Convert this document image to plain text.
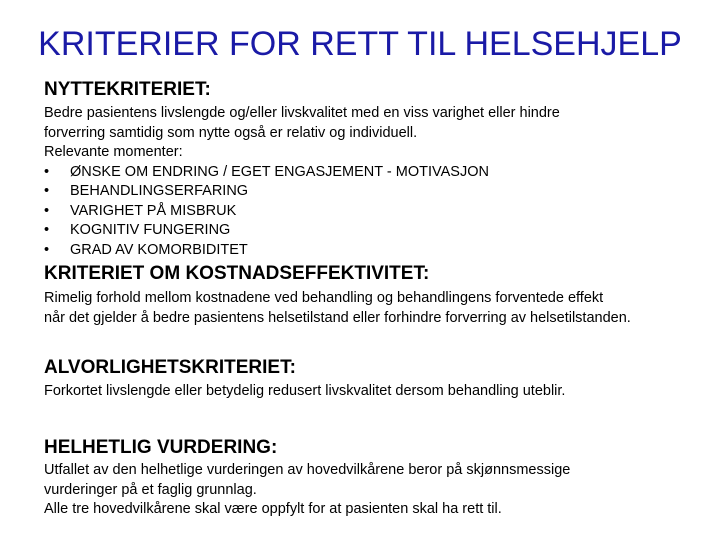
KRITERIER FOR RETT TIL HELSEHJELP
NYTTEKRITERIET:

Bedre pasientens livslengde og/eller livskvalitet med en viss varighet eller hindre
forverring samtidig som nytte også er relativ og individuell.
Relevante momenter:

• ØNSKE OM ENDRING / EGET ENGASJEMENT - MOTIVASJON
• BEHANDLINGSERFARING
• VARIGHET PÅ MISBRUK
• KOGNITIV FUNGERING
• GRAD AV KOMORBIDITET
KRITERIET OM KOSTNADSEFFEKTIVITET:

Rimelig forhold mellom kostnadene ved behandling og behandlingens forventede effekt
når det gjelder å bedre pasientens helsetilstand eller forhindre forverring av helsetilstanden.

ALVORLIGHETSKRITERIET:

Forkortet livslengde eller betydelig redusert livskvalitet dersom behandling uteblir.

HELHETLIG VURDERING:

Utfallet av den helhetlige vurderingen av hovedvilkårene beror på skjønnsmessige
vurderinger på et faglig grunnlag.
Alle tre hovedvilkårene skal være oppfylt for at pasienten skal ha rett til.
